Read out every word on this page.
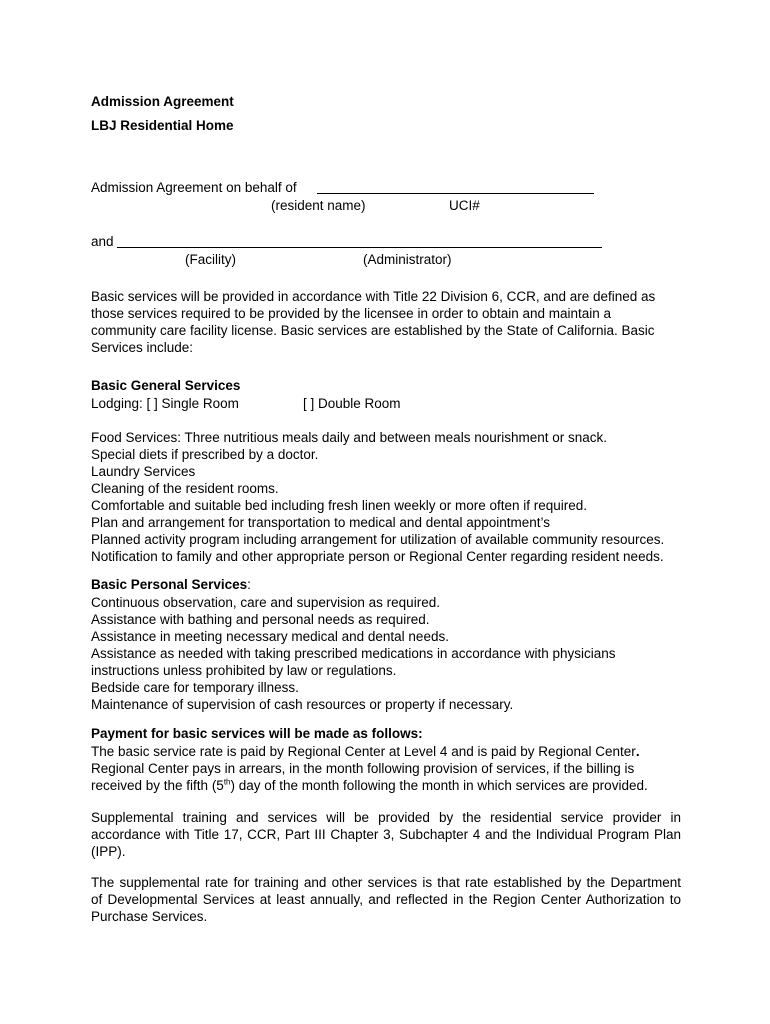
Admission Agreement
LBJ Residential Home
Admission Agreement on behalf of
(resident name)	UCI#
and
(Facility)	(Administrator)
Basic services will be provided in accordance with Title 22 Division 6, CCR, and are defined as
those services required to be provided by the licensee in order to obtain and maintain a
community care facility license. Basic services are established by the State of California. Basic
Services include:
Basic General Services
Lodging: [ ] Single Room	[ ] Double Room
Food Services: Three nutritious meals daily and between meals nourishment or snack.
Special diets if prescribed by a doctor.
Laundry Services
Cleaning of the resident rooms.
Comfortable and suitable bed including fresh linen weekly or more often if required.
Plan and arrangement for transportation to medical and dental appointment’s
Planned activity program including arrangement for utilization of available community resources.
Notification to family and other appropriate person or Regional Center regarding resident needs.
Basic Personal Services:
Continuous observation, care and supervision as required.
Assistance with bathing and personal needs as required.
Assistance in meeting necessary medical and dental needs.
Assistance as needed with taking prescribed medications in accordance with physicians
instructions unless prohibited by law or regulations.
Bedside care for temporary illness.
Maintenance of supervision of cash resources or property if necessary.
Payment for basic services will be made as follows:
The basic service rate is paid by Regional Center at Level 4 and is paid by Regional Center.
Regional Center pays in arrears, in the month following provision of services, if the billing is
received by the fifth (5th) day of the month following the month in which services are provided.
Supplemental training and services will be provided by the residential service provider in
accordance with Title 17, CCR, Part III Chapter 3, Subchapter 4 and the Individual Program Plan
(IPP).
The supplemental rate for training and other services is that rate established by the Department
of Developmental Services at least annually, and reflected in the Region Center Authorization to
Purchase Services.
